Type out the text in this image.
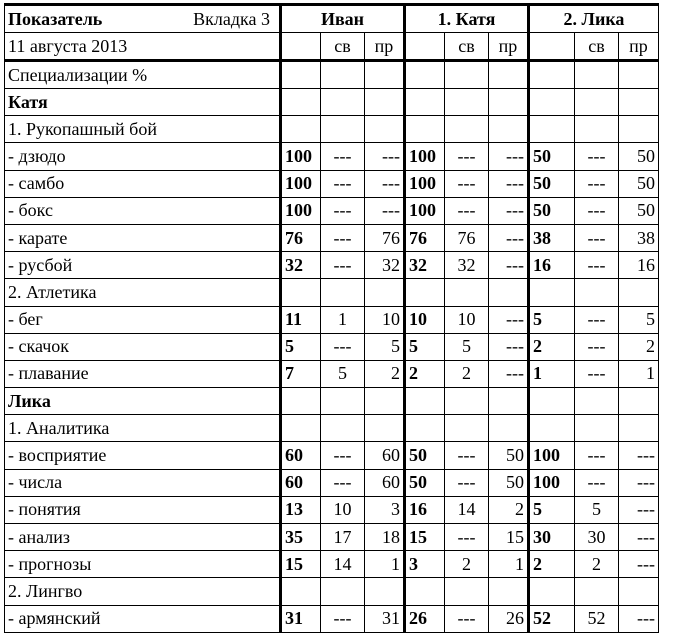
Показатель Вкладка 3	Иван			1. Катя			2. Лика		
11 августа 2013		св	пр		св	пр		св	пр
Специализации %									
Катя									
1. Рукопашный бой									
- дзюдо	100	---	---	100	---	---	50	---	50
- самбо	100	---	---	100	---	---	50	---	50
- бокс	100	---	---	100	---	---	50	---	50
- карате	76	---	76	76	76	---	38	---	38
- русбой	32	---	32	32	32	---	16	---	16
2. Атлетика									
- бег	11	1	10	10	10	---	5	---	5
- скачок	5	---	5	5	5	---	2	---	2
- плавание	7	5	2	2	2	---	1	---	1
Лика									
1. Аналитика									
- восприятие	60	---	60	50	---	50	100	---	---
- числа	60	---	60	50	---	50	100	---	---
- понятия	13	10	3	16	14	2	5	5	---
- анализ	35	17	18	15	---	15	30	30	---
- прогнозы	15	14	1	3	2	1	2	2	---
2. Лингво									
- армянский	31	---	31	26	---	26	52	52	---
